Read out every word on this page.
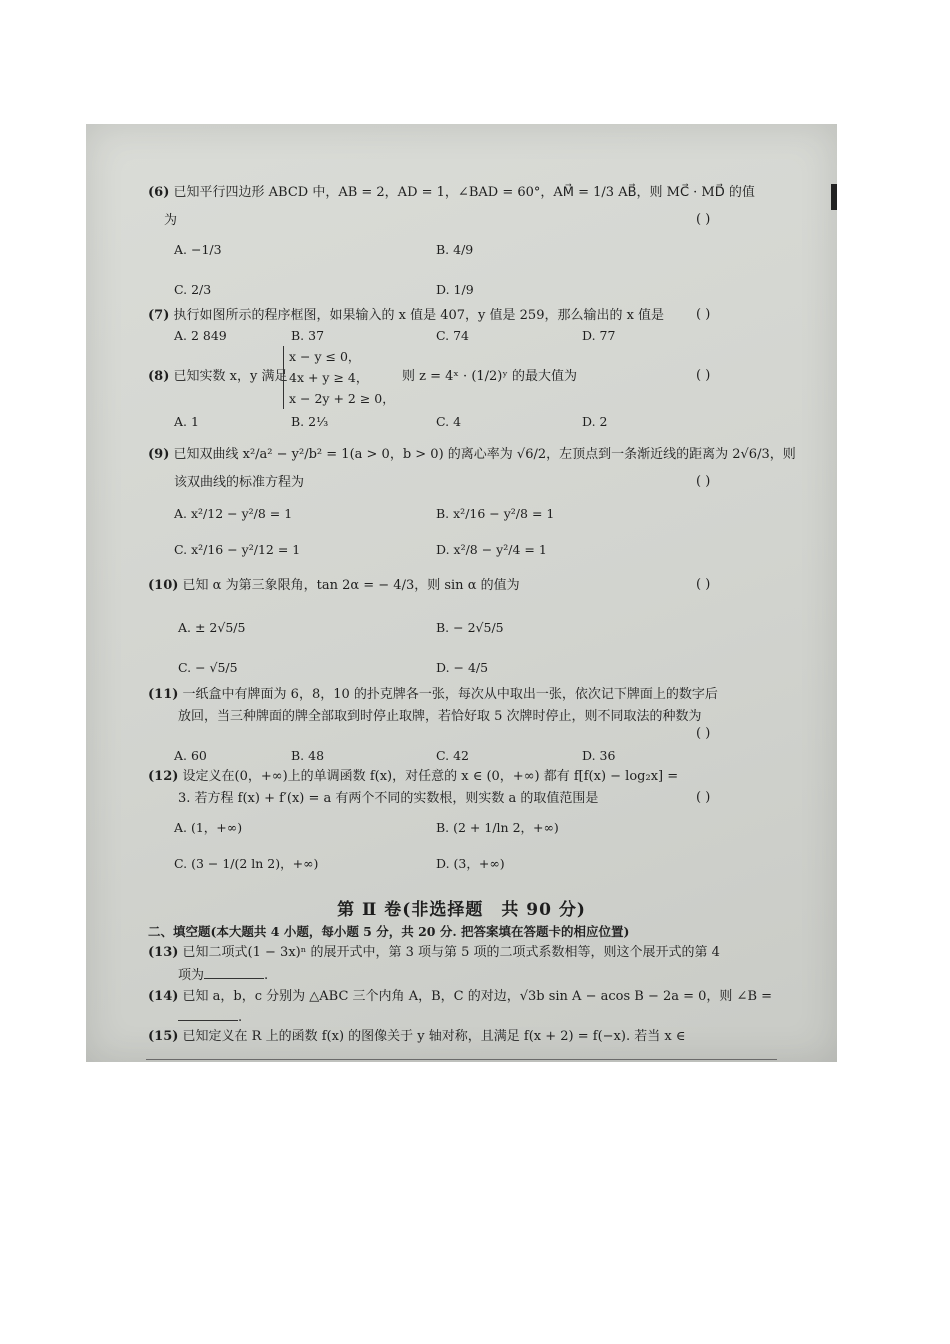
(6) 已知平行四边形 ABCD 中，AB = 2，AD = 1，∠BAD = 60°，AM⃗ = 1/3 AB⃗，则 MC⃗ · MD⃗ 的值
为	( )
A. −1/3	B. 4/9
C. 2/3	D. 1/9
(7) 执行如图所示的程序框图，如果输入的 x 值是 407，y 值是 259，那么输出的 x 值是 ( )
A. 2 849	B. 37	C. 74	D. 77
(8) 已知实数 x，y 满足
x − y ≤ 0，
4x + y ≥ 4，
x − 2y + 2 ≥ 0，
则 z = 4ˣ · (1/2)ʸ 的最大值为	( )
A. 1	B. 2⅓	C. 4	D. 2
(9) 已知双曲线 x²/a² − y²/b² = 1(a > 0，b > 0) 的离心率为 √6/2，左顶点到一条渐近线的距离为 2√6/3，则
该双曲线的标准方程为	( )
A. x²/12 − y²/8 = 1	B. x²/16 − y²/8 = 1
C. x²/16 − y²/12 = 1	D. x²/8 − y²/4 = 1
(10) 已知 α 为第三象限角，tan 2α = − 4/3，则 sin α 的值为	( )
A. ± 2√5/5	B. − 2√5/5
C. − √5/5	D. − 4/5
(11) 一纸盒中有牌面为 6，8，10 的扑克牌各一张，每次从中取出一张，依次记下牌面上的数字后
放回，当三种牌面的牌全部取到时停止取牌，若恰好取 5 次牌时停止，则不同取法的种数为
( )
A. 60	B. 48	C. 42	D. 36
(12) 设定义在(0，+∞)上的单调函数 f(x)，对任意的 x ∈ (0，+∞) 都有 f[f(x) − log₂x] =
3. 若方程 f(x) + f′(x) = a 有两个不同的实数根，则实数 a 的取值范围是	( )
A. (1，+∞)	B. (2 + 1/ln 2，+∞)
C. (3 − 1/(2 ln 2)，+∞)	D. (3，+∞)
第 Ⅱ 卷(非选择题　共 90 分)
二、填空题(本大题共 4 小题，每小题 5 分，共 20 分. 把答案填在答题卡的相应位置)
(13) 已知二项式(1 − 3x)ⁿ 的展开式中，第 3 项与第 5 项的二项式系数相等，则这个展开式的第 4
项为	.
(14) 已知 a，b，c 分别为 △ABC 三个内角 A，B，C 的对边，√3b sin A − acos B − 2a = 0，则 ∠B =
.
(15) 已知定义在 R 上的函数 f(x) 的图像关于 y 轴对称，且满足 f(x + 2) = f(−x). 若当 x ∈
